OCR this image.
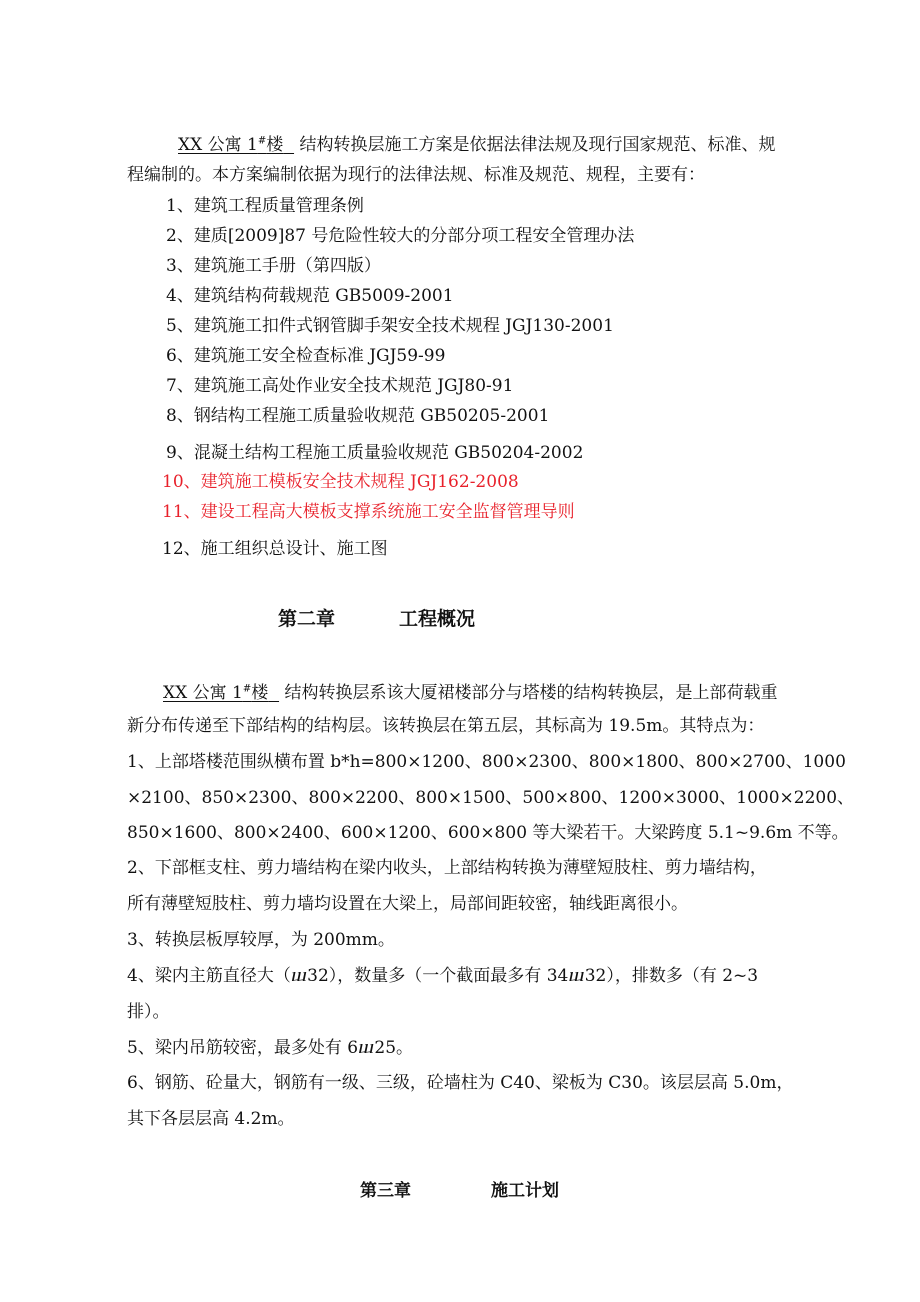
XX 公寓 1#楼 结构转换层施工方案是依据法律法规及现行国家规范、标准、规
程编制的。本方案编制依据为现行的法律法规、标准及规范、规程，主要有：
1、建筑工程质量管理条例
2、建质[2009]87 号危险性较大的分部分项工程安全管理办法
3、建筑施工手册（第四版）
4、建筑结构荷载规范 GB5009-2001
5、建筑施工扣件式钢管脚手架安全技术规程 JGJ130-2001
6、建筑施工安全检查标准 JGJ59-99
7、建筑施工高处作业安全技术规范 JGJ80-91
8、钢结构工程施工质量验收规范 GB50205-2001
9、混凝土结构工程施工质量验收规范 GB50204-2002
10、建筑施工模板安全技术规程 JGJ162-2008
11、建设工程高大模板支撑系统施工安全监督管理导则
12、施工组织总设计、施工图
第二章	工程概况
XX 公寓 1#楼 结构转换层系该大厦裙楼部分与塔楼的结构转换层，是上部荷载重
新分布传递至下部结构的结构层。该转换层在第五层，其标高为 19.5m。其特点为：
1、上部塔楼范围纵横布置 b*h=800×1200、800×2300、800×1800、800×2700、1000
×2100、850×2300、800×2200、800×1500、500×800、1200×3000、1000×2200、
850×1600、800×2400、600×1200、600×800 等大梁若干。大梁跨度 5.1~9.6m 不等。
2、下部框支柱、剪力墙结构在梁内收头，上部结构转换为薄壁短肢柱、剪力墙结构，
所有薄壁短肢柱、剪力墙均设置在大梁上，局部间距较密，轴线距离很小。
3、转换层板厚较厚，为 200mm。
4、梁内主筋直径大（ⴍ32），数量多（一个截面最多有 34ⴍ32），排数多（有 2~3
排）。
5、梁内吊筋较密，最多处有 6ⴍ25。
6、钢筋、砼量大，钢筋有一级、三级，砼墙柱为 C40、梁板为 C30。该层层高 5.0m，
其下各层层高 4.2m。
第三章	施工计划
